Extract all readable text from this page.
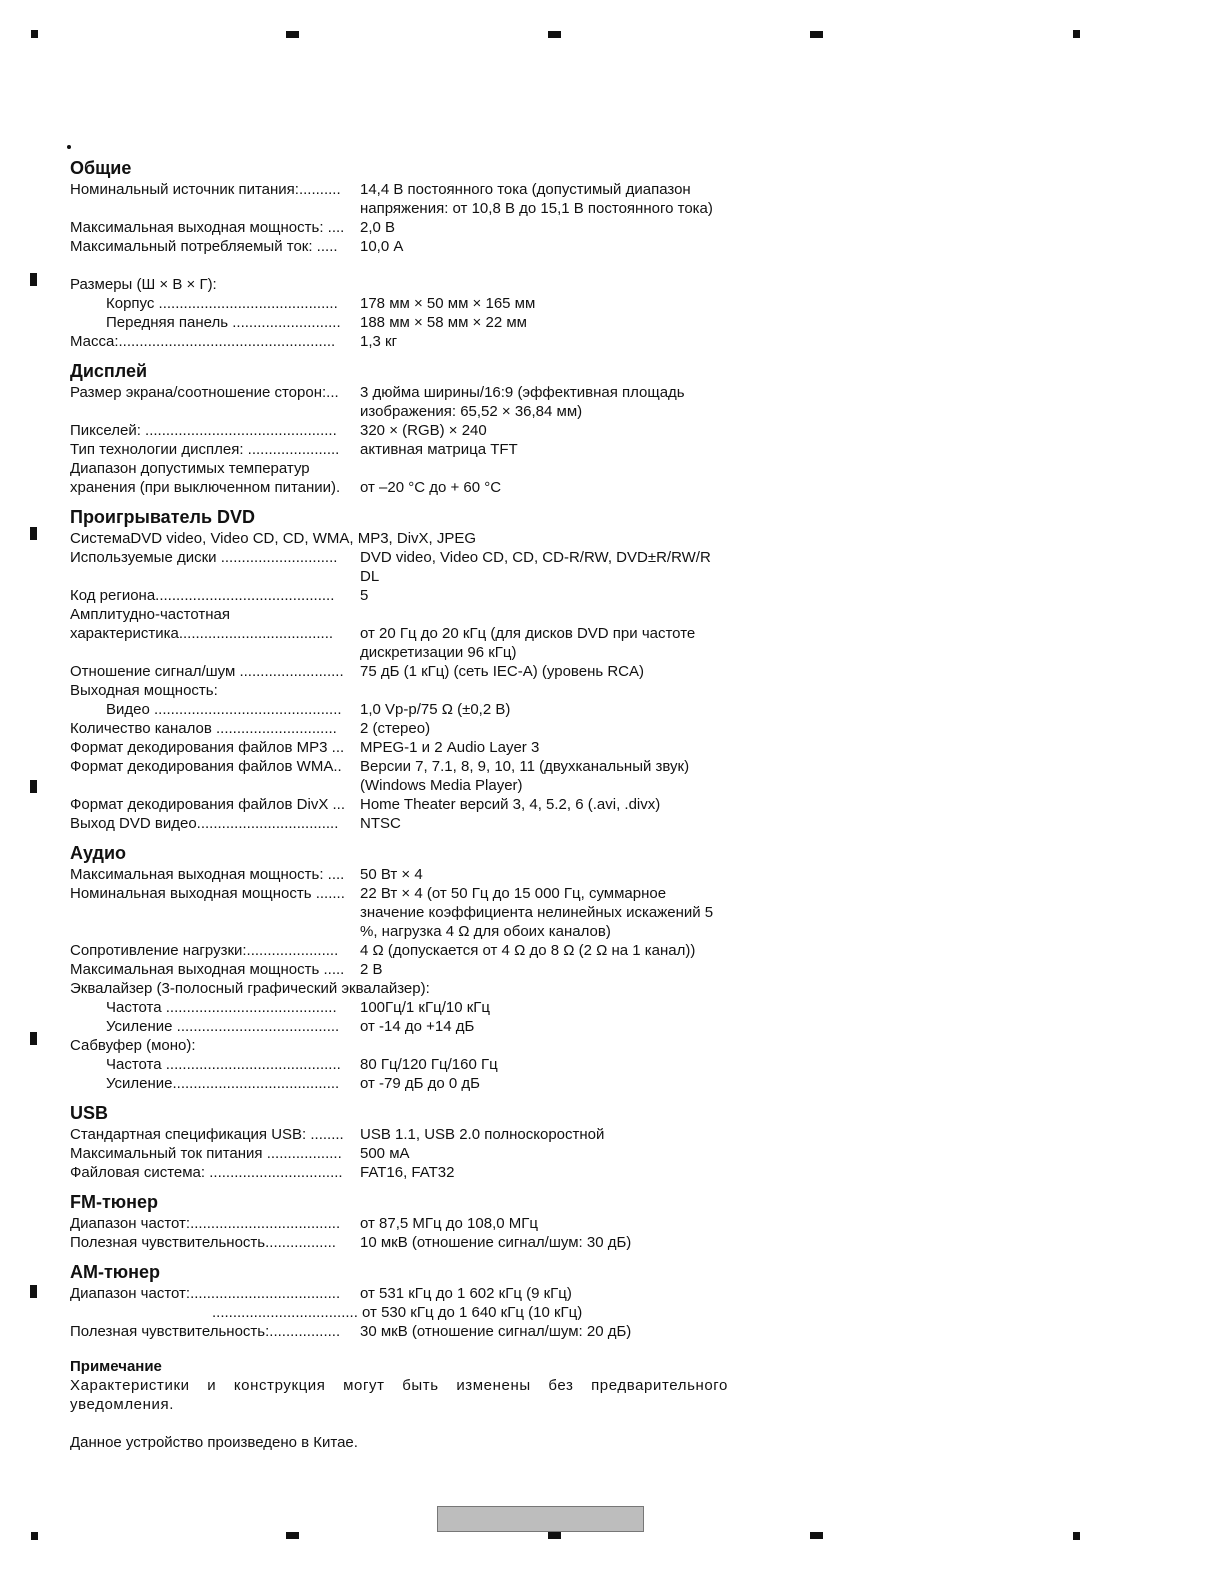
Общие
Номинальный источник питания:..........	14,4 В постоянного тока (допустимый диапазон напряжения: от 10,8 В до 15,1 В постоянного тока)
Максимальная выходная мощность: ....	2,0 В
Максимальный потребляемый ток: .....	10,0 А
Размеры (Ш × В × Г):
Корпус ...........................................	178 мм × 50 мм × 165 мм
Передняя панель ..........................	188 мм × 58 мм × 22 мм
Масса:....................................................	1,3 кг
Дисплей
Размер экрана/соотношение сторон:...	3 дюйма ширины/16:9 (эффективная площадь изображения: 65,52 × 36,84 мм)
Пикселей: ..............................................	320 × (RGB) × 240
Тип технологии дисплея: ......................	активная матрица TFT
Диапазон допустимых температур
хранения (при выключенном питании).	от –20 °С до + 60 °С
Проигрыватель DVD
СистемаDVD video, Video CD, CD, WMA, MP3, DivX, JPEG
Используемые диски ............................	DVD video, Video CD, CD, CD-R/RW, DVD±R/RW/R DL
Код региона...........................................	5
Амплитудно-частотная
характеристика.....................................	от 20 Гц до 20 кГц (для дисков DVD при частоте дискретизации 96 кГц)
Отношение сигнал/шум .........................	75 дБ (1 кГц) (сеть IEC-A) (уровень RCA)
Выходная мощность:
Видео .............................................	1,0 Vp-p/75 Ω (±0,2 В)
Количество каналов .............................	2 (стерео)
Формат декодирования файлов MP3 ...	MPEG-1 и 2 Audio Layer 3
Формат декодирования файлов WMA..	Версии 7, 7.1, 8, 9, 10, 11 (двухканальный звук) (Windows Media Player)
Формат декодирования файлов DivX ... Home Theater версий 3, 4, 5.2, 6 (.avi, .divx)
Выход DVD видео..................................	NTSC
Аудио
Максимальная выходная мощность: ....	50 Вт × 4
Номинальная выходная мощность .......	22 Вт × 4 (от 50 Гц до 15 000 Гц, суммарное значение коэффициента нелинейных искажений 5 %, нагрузка 4 Ω для обоих каналов)
Сопротивление нагрузки:......................	4 Ω (допускается от 4 Ω до 8 Ω (2 Ω на 1 канал))
Максимальная выходная мощность .....	2 В
Эквалайзер (3-полосный графический эквалайзер):
Частота .........................................	100Гц/1 кГц/10 кГц
Усиление .......................................	от -14 до +14 дБ
Сабвуфер (моно):
Частота ..........................................	80 Гц/120 Гц/160 Гц
Усиление........................................	от -79 дБ до 0 дБ
USB
Стандартная спецификация USB: ........	USB 1.1, USB 2.0 полноскоростной
Максимальный ток питания ..................	500 мА
Файловая система: ................................	FAT16, FAT32
FM-тюнер
Диапазон частот:....................................	от 87,5 МГц до 108,0 МГц
Полезная чувствительность.................	10 мкВ (отношение сигнал/шум: 30 дБ)
АМ-тюнер
Диапазон частот:....................................	от 531 кГц до 1 602 кГц (9 кГц)
................................... от 530 кГц до 1 640 кГц (10 кГц)
Полезная чувствительность:.................	30 мкВ (отношение сигнал/шум: 20 дБ)
Примечание
Характеристики и конструкция могут быть изменены без предварительного уведомления.
Данное устройство произведено в Китае.
